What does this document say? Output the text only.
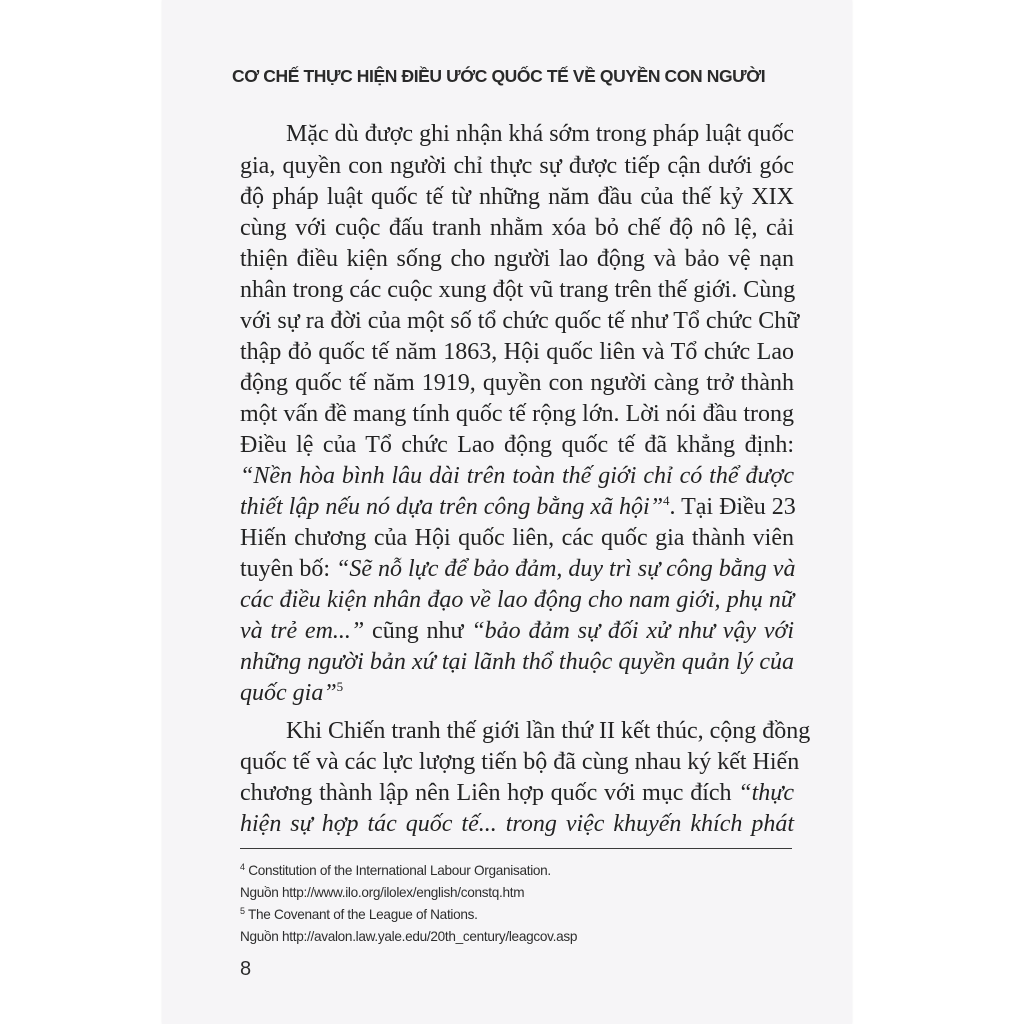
CƠ CHẾ THỰC HIỆN ĐIỀU ƯỚC QUỐC TẾ VỀ QUYỀN CON NGƯỜI
Mặc dù được ghi nhận khá sớm trong pháp luật quốc
gia, quyền con người chỉ thực sự được tiếp cận dưới góc
độ pháp luật quốc tế từ những năm đầu của thế kỷ XIX
cùng với cuộc đấu tranh nhằm xóa bỏ chế độ nô lệ, cải
thiện điều kiện sống cho người lao động và bảo vệ nạn
nhân trong các cuộc xung đột vũ trang trên thế giới. Cùng
với sự ra đời của một số tổ chức quốc tế như Tổ chức Chữ
thập đỏ quốc tế năm 1863, Hội quốc liên và Tổ chức Lao
động quốc tế năm 1919, quyền con người càng trở thành
một vấn đề mang tính quốc tế rộng lớn. Lời nói đầu trong
Điều lệ của Tổ chức Lao động quốc tế đã khẳng định:
“Nền hòa bình lâu dài trên toàn thế giới chỉ có thể được
thiết lập nếu nó dựa trên công bằng xã hội”$^4$. Tại Điều 23
Hiến chương của Hội quốc liên, các quốc gia thành viên
tuyên bố: “Sẽ nỗ lực để bảo đảm, duy trì sự công bằng và
các điều kiện nhân đạo về lao động cho nam giới, phụ nữ
và trẻ em...” cũng như “bảo đảm sự đối xử như vậy với
những người bản xứ tại lãnh thổ thuộc quyền quản lý của
quốc gia”$^5$
Khi Chiến tranh thế giới lần thứ II kết thúc, cộng đồng
quốc tế và các lực lượng tiến bộ đã cùng nhau ký kết Hiến
chương thành lập nên Liên hợp quốc với mục đích “thực
hiện sự hợp tác quốc tế... trong việc khuyến khích phát
$^4$ Constitution of the International Labour Organisation.
Nguồn http://www.ilo.org/ilolex/english/constq.htm
$^5$ The Covenant of the League of Nations.
Nguồn http://avalon.law.yale.edu/20th_century/leagcov.asp
8
